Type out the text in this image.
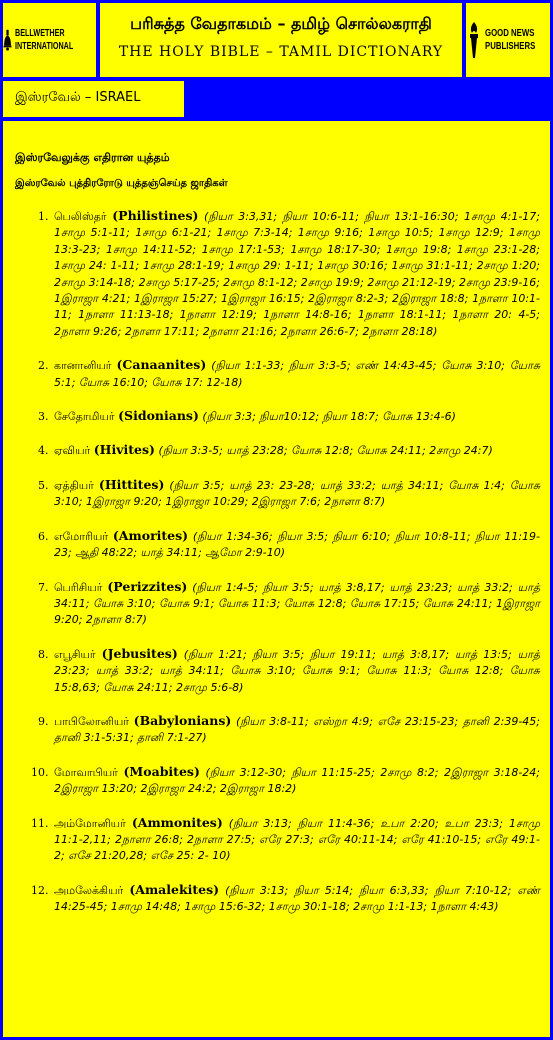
BELLWETHER
INTERNATIONAL
பரிசுத்த வேதாகமம் – தமிழ் சொல்லகராதி
THE HOLY BIBLE – TAMIL DICTIONARY
GOOD NEWS
PUBLISHERS
இஸ்ரவேல் – ISRAEL
இஸ்ரவேலுக்கு எதிரான யுத்தம்
இஸ்ரவேல் புத்திரரோடு யுத்தஞ்செய்த ஜாதிகள்
1. பெலிஸ்தர் (Philistines) (நியா 3:3,31; நியா 10:6-11; நியா 13:1-16:30; 1சாமு 4:1-17; 1சாமு 5:1-11; 1சாமு 6:1-21; 1சாமு 7:3-14; 1சாமு 9:16; 1சாமு 10:5; 1சாமு 12:9; 1சாமு 13:3-23; 1சாமு 14:11-52; 1சாமு 17:1-53; 1சாமு 18:17-30; 1சாமு 19:8; 1சாமு 23:1-28; 1சாமு 24: 1-11; 1சாமு 28:1-19; 1சாமு 29: 1-11; 1சாமு 30:16; 1சாமு 31:1-11; 2சாமு 1:20; 2சாமு 3:14-18; 2சாமு 5:17-25; 2சாமு 8:1-12; 2சாமு 19:9; 2சாமு 21:12-19; 2சாமு 23:9-16; 1இராஜா 4:21; 1இராஜா 15:27; 1இராஜா 16:15; 2இராஜா 8:2-3; 2இராஜா 18:8; 1நாளா 10:1-11; 1நாளா 11:13-18; 1நாளா 12:19; 1நாளா 14:8-16; 1நாளா 18:1-11; 1நாளா 20: 4-5; 2நாளா 9:26; 2நாளா 17:11; 2நாளா 21:16; 2நாளா 26:6-7; 2நாளா 28:18)
2. கானானியர் (Canaanites) (நியா 1:1-33; நியா 3:3-5; எண் 14:43-45; யோசு 3:10; யோசு 5:1; யோசு 16:10; யோசு 17: 12-18)
3. சேதோமியர் (Sidonians) (நியா 3:3; நியா10:12; நியா 18:7; யோசு 13:4-6)
4. ஏவியர் (Hivites) (நியா 3:3-5; யாத் 23:28; யோசு 12:8; யோசு 24:11; 2சாமு 24:7)
5. ஏத்தியர் (Hittites) (நியா 3:5; யாத் 23: 23-28; யாத் 33:2; யாத் 34:11; யோசு 1:4; யோசு 3:10; 1இராஜா 9:20; 1இராஜா 10:29; 2இராஜா 7:6; 2நாளா 8:7)
6. எமோரியர் (Amorites) (நியா 1:34-36; நியா 3:5; நியா 6:10; நியா 10:8-11; நியா 11:19-23; ஆதி 48:22; யாத் 34:11; ஆமோ 2:9-10)
7. பெரிசியர் (Perizzites) (நியா 1:4-5; நியா 3:5; யாத் 3:8,17; யாத் 23:23; யாத் 33:2; யாத் 34:11; யோசு 3:10; யோசு 9:1; யோசு 11:3; யோசு 12:8; யோசு 17:15; யோசு 24:11; 1இராஜா 9:20; 2நாளா 8:7)
8. எபூசியர் (Jebusites) (நியா 1:21; நியா 3:5; நியா 19:11; யாத் 3:8,17; யாத் 13:5; யாத் 23:23; யாத் 33:2; யாத் 34:11; யோசு 3:10; யோசு 9:1; யோசு 11:3; யோசு 12:8; யோசு 15:8,63; யோசு 24:11; 2சாமு 5:6-8)
9. பாபிலோனியர் (Babylonians) (நியா 3:8-11; எஸ்றா 4:9; எசே 23:15-23; தானி 2:39-45; தானி 3:1-5:31; தானி 7:1-27)
10. மோவாபியர் (Moabites) (நியா 3:12-30; நியா 11:15-25; 2சாமு 8:2; 2இராஜா 3:18-24; 2இராஜா 13:20; 2இராஜா 24:2; 2இராஜா 18:2)
11. அம்மோனியர் (Ammonites) (நியா 3:13; நியா 11:4-36; உபா 2:20; உபா 23:3; 1சாமு 11:1-2,11; 2நாளா 26:8; 2நாளா 27:5; எரே 27:3; எரே 40:11-14; எரே 41:10-15; எரே 49:1-2; எசே 21:20,28; எசே 25: 2- 10)
12. அமலேக்கியர் (Amalekites) (நியா 3:13; நியா 5:14; நியா 6:3,33; நியா 7:10-12; எண் 14:25-45; 1சாமு 14:48; 1சாமு 15:6-32; 1சாமு 30:1-18; 2சாமு 1:1-13; 1நாளா 4:43)
